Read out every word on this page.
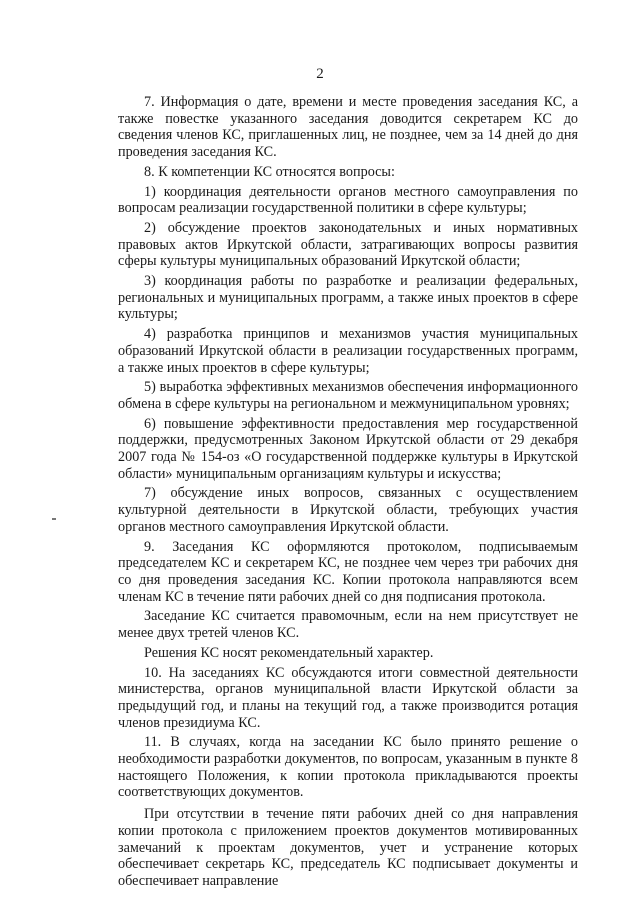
2

7. Информация о дате, времени и месте проведения заседания КС, а также повестке указанного заседания доводится секретарем КС до сведения членов КС, приглашенных лиц, не позднее, чем за 14 дней до дня проведения заседания КС.

8. К компетенции КС относятся вопросы:

1) координация деятельности органов местного самоуправления по вопросам реализации государственной политики в сфере культуры;

2) обсуждение проектов законодательных и иных нормативных правовых актов Иркутской области, затрагивающих вопросы развития сферы культуры муниципальных образований Иркутской области;

3) координация работы по разработке и реализации федеральных, региональных и муниципальных программ, а также иных проектов в сфере культуры;

4) разработка принципов и механизмов участия муниципальных образований Иркутской области в реализации государственных программ, а также иных проектов в сфере культуры;

5) выработка эффективных механизмов обеспечения информационного обмена в сфере культуры на региональном и межмуниципальном уровнях;

6) повышение эффективности предоставления мер государственной поддержки, предусмотренных Законом Иркутской области от 29 декабря 2007 года № 154-оз «О государственной поддержке культуры в Иркутской области» муниципальным организациям культуры и искусства;

7) обсуждение иных вопросов, связанных с осуществлением культурной деятельности в Иркутской области, требующих участия органов местного самоуправления Иркутской области.

9. Заседания КС оформляются протоколом, подписываемым председателем КС и секретарем КС, не позднее чем через три рабочих дня со дня проведения заседания КС. Копии протокола направляются всем членам КС в течение пяти рабочих дней со дня подписания протокола.

Заседание КС считается правомочным, если на нем присутствует не менее двух третей членов КС.

Решения КС носят рекомендательный характер.

10. На заседаниях КС обсуждаются итоги совместной деятельности министерства, органов муниципальной власти Иркутской области за предыдущий год, и планы на текущий год, а также производится ротация членов президиума КС.

11. В случаях, когда на заседании КС было принято решение о необходимости разработки документов, по вопросам, указанным в пункте 8 настоящего Положения, к копии протокола прикладываются проекты соответствующих документов.

При отсутствии в течение пяти рабочих дней со дня направления копии протокола с приложением проектов документов мотивированных замечаний к проектам документов, учет и устранение которых обеспечивает секретарь КС, председатель КС подписывает документы и обеспечивает направление
